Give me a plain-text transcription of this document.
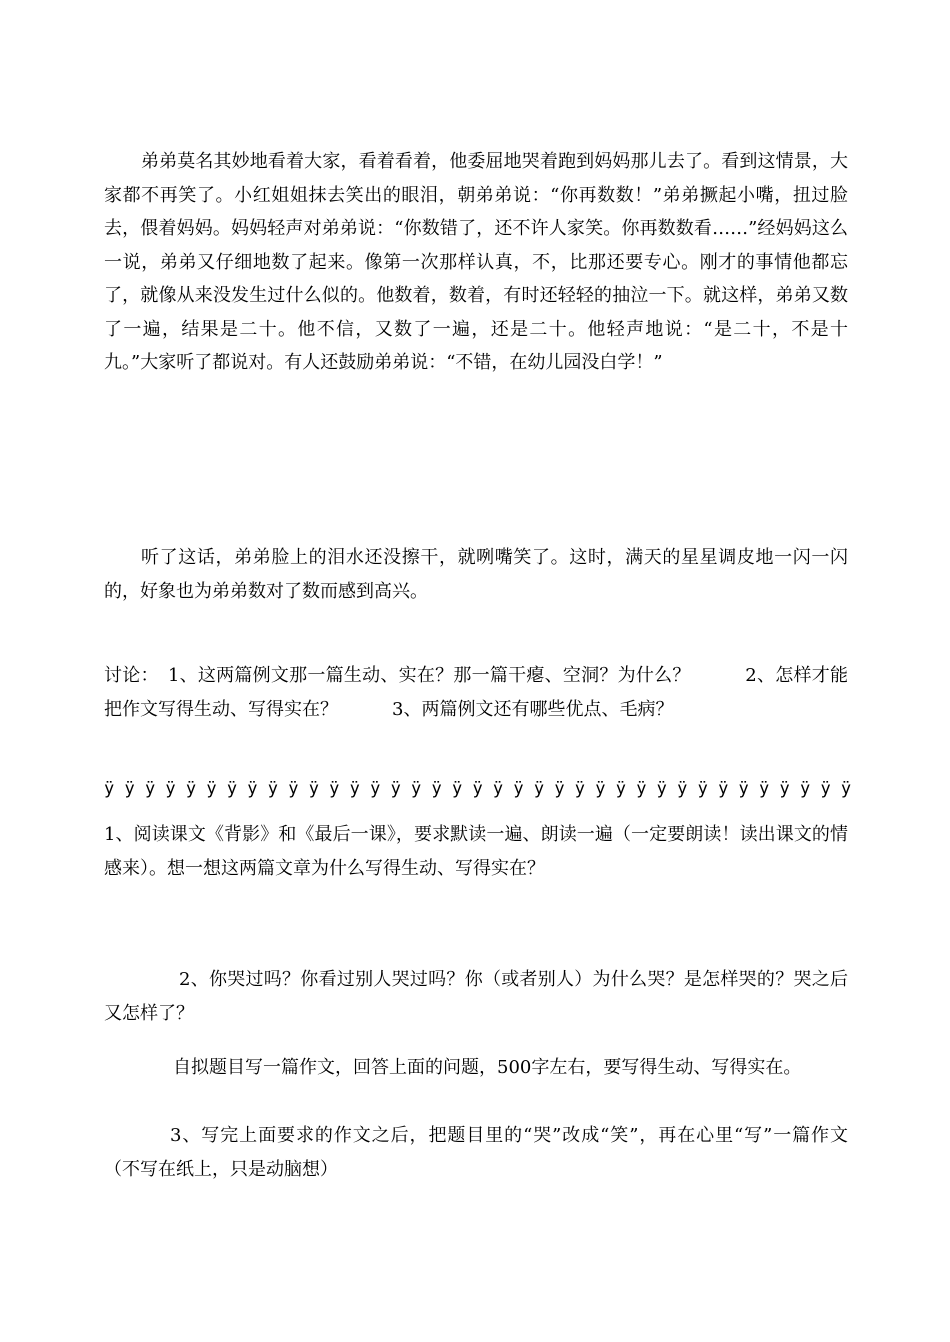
弟弟莫名其妙地看着大家，看着看着，他委屈地哭着跑到妈妈那儿去了。看到这情景，大家都不再笑了。小红姐姐抹去笑出的眼泪，朝弟弟说：“你再数数！”弟弟撅起小嘴，扭过脸去，偎着妈妈。妈妈轻声对弟弟说：“你数错了，还不许人家笑。你再数数看……”经妈妈这么一说，弟弟又仔细地数了起来。像第一次那样认真，不，比那还要专心。刚才的事情他都忘了，就像从来没发生过什么似的。他数着，数着，有时还轻轻的抽泣一下。就这样，弟弟又数了一遍，结果是二十。他不信，又数了一遍，还是二十。他轻声地说：“是二十，不是十九。”大家听了都说对。有人还鼓励弟弟说：“不错，在幼儿园没白学！”

听了这话，弟弟脸上的泪水还没擦干，就咧嘴笑了。这时，满天的星星调皮地一闪一闪的，好象也为弟弟数对了数而感到高兴。

讨论：　1、这两篇例文那一篇生动、实在？那一篇干瘪、空洞？为什么？　　　2、怎样才能把作文写得生动、写得实在？　　　3、两篇例文还有哪些优点、毛病？

ÿ ÿ ÿ ÿ ÿ ÿ ÿ ÿ ÿ ÿ ÿ ÿ ÿ ÿ ÿ ÿ ÿ ÿ ÿ ÿ ÿ ÿ ÿ ÿ ÿ ÿ ÿ ÿ ÿ ÿ ÿ ÿ ÿ ÿ ÿ ÿ ÿ

1、阅读课文《背影》和《最后一课》，要求默读一遍、朗读一遍（一定要朗读！读出课文的情感来）。想一想这两篇文章为什么写得生动、写得实在？

2、你哭过吗？你看过别人哭过吗？你（或者别人）为什么哭？是怎样哭的？哭之后又怎样了？

自拟题目写一篇作文，回答上面的问题，500字左右，要写得生动、写得实在。

3、写完上面要求的作文之后，把题目里的“哭”改成“笑”，再在心里“写”一篇作文（不写在纸上，只是动脑想）
